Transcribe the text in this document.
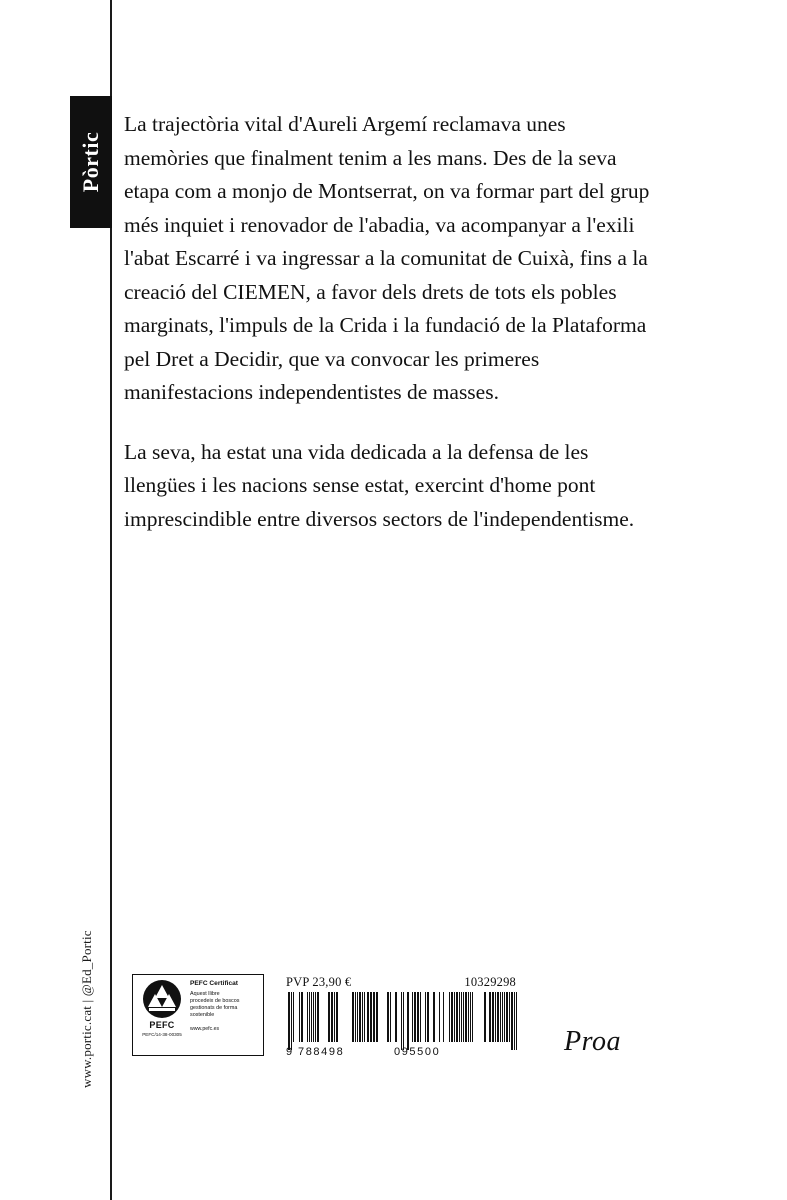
Pòrtic
www.portic.cat | @Ed_Portic

La trajectòria vital d'Aureli Argemí reclamava unes memòries que finalment tenim a les mans. Des de la seva etapa com a monjo de Montserrat, on va formar part del grup més inquiet i renovador de l'abadia, va acompanyar a l'exili l'abat Escarré i va ingressar a la comunitat de Cuixà, fins a la creació del CIEMEN, a favor dels drets de tots els pobles marginats, l'impuls de la Crida i la fundació de la Plataforma pel Dret a Decidir, que va convocar les primeres manifestacions independentistes de masses.

La seva, ha estat una vida dedicada a la defensa de les llengües i les nacions sense estat, exercint d'home pont imprescindible entre diversos sectors de l'independentisme.

PEFC
PEFC/14-38-00305
PEFC Certificat
Aquest llibre
procedeix de boscos
gestionats de forma
sostenible
www.pefc.es
PVP 23,90 €	10329298
9 788498	095500	Proa
